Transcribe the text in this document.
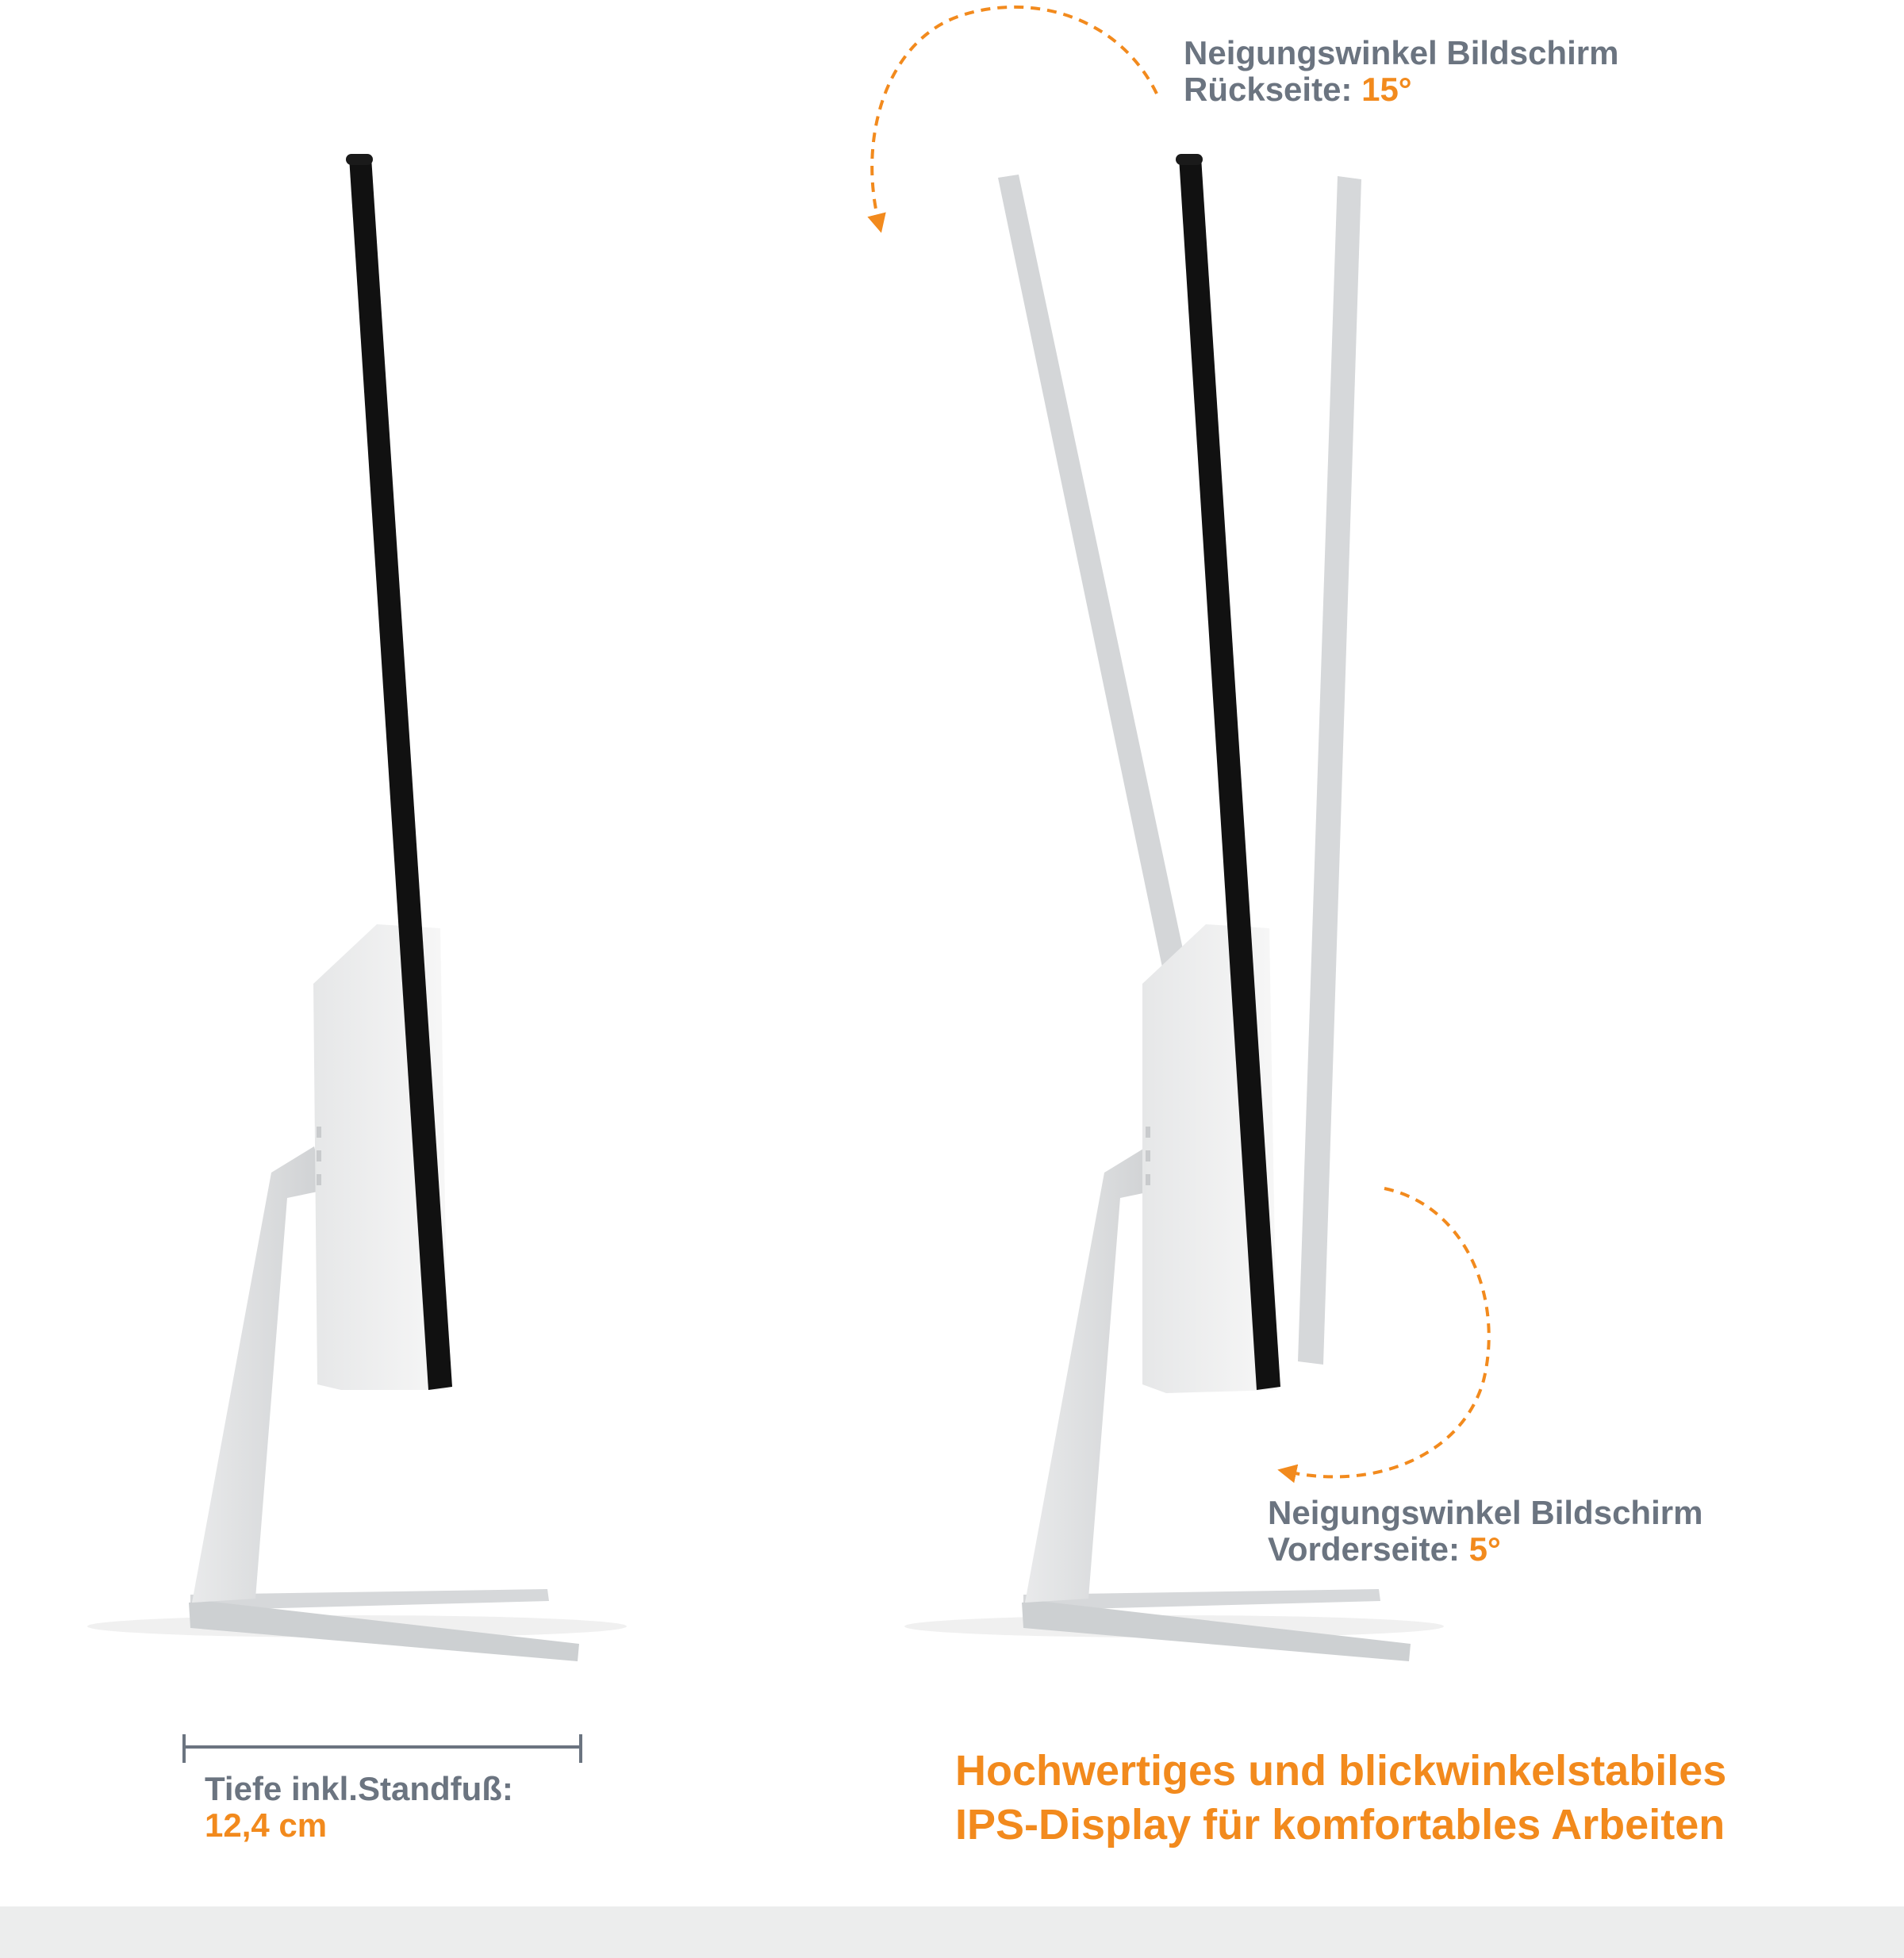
Neigungswinkel Bildschirm
Rückseite: 15°
Neigungswinkel Bildschirm
Vorderseite: 5°
Tiefe inkl.Standfuß:
12,4 cm
Hochwertiges und blickwinkelstabiles
IPS-Display für komfortables Arbeiten
